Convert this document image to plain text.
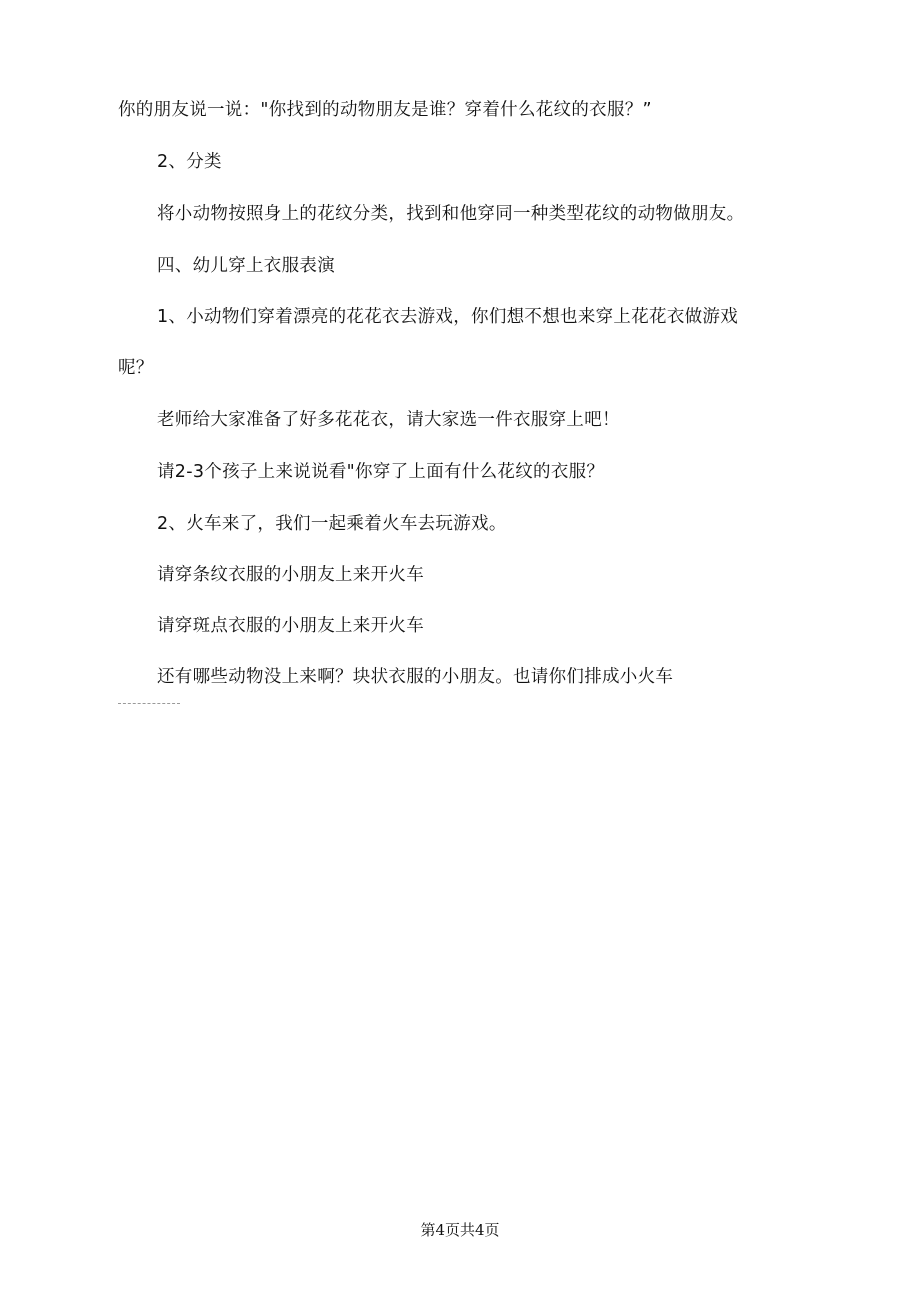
你的朋友说一说："你找到的动物朋友是谁？穿着什么花纹的衣服？”
2、分类
将小动物按照身上的花纹分类，找到和他穿同一种类型花纹的动物做朋友。
四、幼儿穿上衣服表演
1、小动物们穿着漂亮的花花衣去游戏，你们想不想也来穿上花花衣做游戏
呢？
老师给大家准备了好多花花衣，请大家选一件衣服穿上吧！
请2-3个孩子上来说说看"你穿了上面有什么花纹的衣服？
2、火车来了，我们一起乘着火车去玩游戏。
请穿条纹衣服的小朋友上来开火车
请穿斑点衣服的小朋友上来开火车
还有哪些动物没上来啊？块状衣服的小朋友。也请你们排成小火车
第4页共4页
